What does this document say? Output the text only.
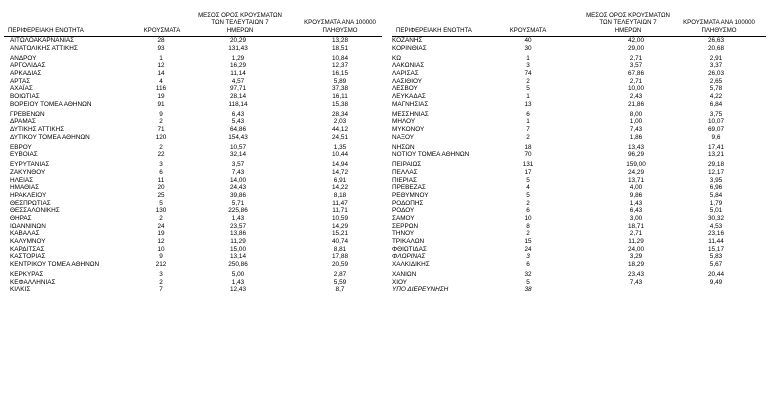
ΠΕΡΙΦΕΡΕΙΑΚΗ ΕΝΟΤΗΤΑ	ΚΡΟΥΣΜΑΤΑ
ΜΕΣΟΣ ΟΡΟΣ ΚΡΟΥΣΜΑΤΩΝ
ΤΩΝ ΤΕΛΕΥΤΑΙΩΝ 7
ΗΜΕΡΩΝ
ΚΡΟΥΣΜΑΤΑ ΑΝΑ 100000
ΠΛΗΘΥΣΜΟ
ΑΙΤΩΛΟΑΚΑΡΝΑΝΙΑΣ	28	20,29	13,28
ΑΝΑΤΟΛΙΚΗΣ ΑΤΤΙΚΗΣ	93	131,43	18,51
ΑΝΔΡΟΥ	1	1,29	10,84
ΑΡΓΟΛΙΔΑΣ	12	16,29	12,37
ΑΡΚΑΔΙΑΣ	14	11,14	16,15
ΑΡΤΑΣ	4	4,57	5,89
ΑΧΑΪΑΣ	116	97,71	37,38
ΒΟΙΩΤΙΑΣ	19	28,14	16,11
ΒΟΡΕΙΟΥ ΤΟΜΕΑ ΑΘΗΝΩΝ	91	118,14	15,38
ΓΡΕΒΕΝΩΝ	9	6,43	28,34
ΔΡΑΜΑΣ	2	5,43	2,03
ΔΥΤΙΚΗΣ ΑΤΤΙΚΗΣ	71	64,86	44,12
ΔΥΤΙΚΟΥ ΤΟΜΕΑ ΑΘΗΝΩΝ	120	154,43	24,51
ΕΒΡΟΥ	2	10,57	1,35
ΕΥΒΟΙΑΣ	22	32,14	10,44
ΕΥΡΥΤΑΝΙΑΣ	3	3,57	14,94
ΖΑΚΥΝΘΟΥ	6	7,43	14,72
ΗΛΕΙΑΣ	11	14,00	6,91
ΗΜΑΘΙΑΣ	20	24,43	14,22
ΗΡΑΚΛΕΙΟΥ	25	39,86	8,18
ΘΕΣΠΡΩΤΙΑΣ	5	5,71	11,47
ΘΕΣΣΑΛΟΝΙΚΗΣ	130	225,86	11,71
ΘΗΡΑΣ	2	1,43	10,59
ΙΩΑΝΝΙΝΩΝ	24	23,57	14,29
ΚΑΒΑΛΑΣ	19	13,86	15,21
ΚΑΛΥΜΝΟΥ	12	11,29	40,74
ΚΑΡΔΙΤΣΑΣ	10	15,00	8,81
ΚΑΣΤΟΡΙΑΣ	9	13,14	17,88
ΚΕΝΤΡΙΚΟΥ ΤΟΜΕΑ ΑΘΗΝΩΝ	212	250,86	20,59
ΚΕΡΚΥΡΑΣ	3	5,00	2,87
ΚΕΦΑΛΛΗΝΙΑΣ	2	1,43	5,59
ΚΙΛΚΙΣ	7	12,43	8,7
ΠΕΡΙΦΕΡΕΙΑΚΗ ΕΝΟΤΗΤΑ	ΚΡΟΥΣΜΑΤΑ
ΜΕΣΟΣ ΟΡΟΣ ΚΡΟΥΣΜΑΤΩΝ
ΤΩΝ ΤΕΛΕΥΤΑΙΩΝ 7
ΗΜΕΡΩΝ
ΚΡΟΥΣΜΑΤΑ ΑΝΑ 100000
ΠΛΗΘΥΣΜΟ
ΚΟΖΑΝΗΣ	40	42,00	26,63
ΚΟΡΙΝΘΙΑΣ	30	29,00	20,68
ΚΩ	1	2,71	2,91
ΛΑΚΩΝΙΑΣ	3	3,57	3,37
ΛΑΡΙΣΑΣ	74	67,86	26,03
ΛΑΣΙΘΙΟΥ	2	2,71	2,65
ΛΕΣΒΟΥ	5	10,00	5,78
ΛΕΥΚΑΔΑΣ	1	2,43	4,22
ΜΑΓΝΗΣΙΑΣ	13	21,86	6,84
ΜΕΣΣΗΝΙΑΣ	6	8,00	3,75
ΜΗΛΟΥ	1	1,00	10,07
ΜΥΚΟΝΟΥ	7	7,43	69,07
ΝΑΞΟΥ	2	1,86	9,6
ΝΗΣΩΝ	18	13,43	17,41
ΝΟΤΙΟΥ ΤΟΜΕΑ ΑΘΗΝΩΝ	70	96,29	13,21
ΠΕΙΡΑΙΩΣ	131	159,00	29,18
ΠΕΛΛΑΣ	17	24,29	12,17
ΠΙΕΡΙΑΣ	5	13,71	3,95
ΠΡΕΒΕΖΑΣ	4	4,00	6,96
ΡΕΘΥΜΝΟΥ	5	9,86	5,84
ΡΟΔΟΠΗΣ	2	1,43	1,79
ΡΟΔΟΥ	6	6,43	5,01
ΣΑΜΟΥ	10	3,00	30,32
ΣΕΡΡΩΝ	8	18,71	4,53
ΤΗΝΟΥ	2	2,71	23,16
ΤΡΙΚΑΛΩΝ	15	11,29	11,44
ΦΘΙΩΤΙΔΑΣ	24	24,00	15,17
ΦΛΩΡΙΝΑΣ	3	3,29	5,83
ΧΑΛΚΙΔΙΚΗΣ	6	18,29	5,67
ΧΑΝΙΩΝ	32	23,43	20,44
ΧΙΟΥ	5	7,43	9,49
ΥΠΟ ΔΙΕΡΕΥΝΗΣΗ	38
